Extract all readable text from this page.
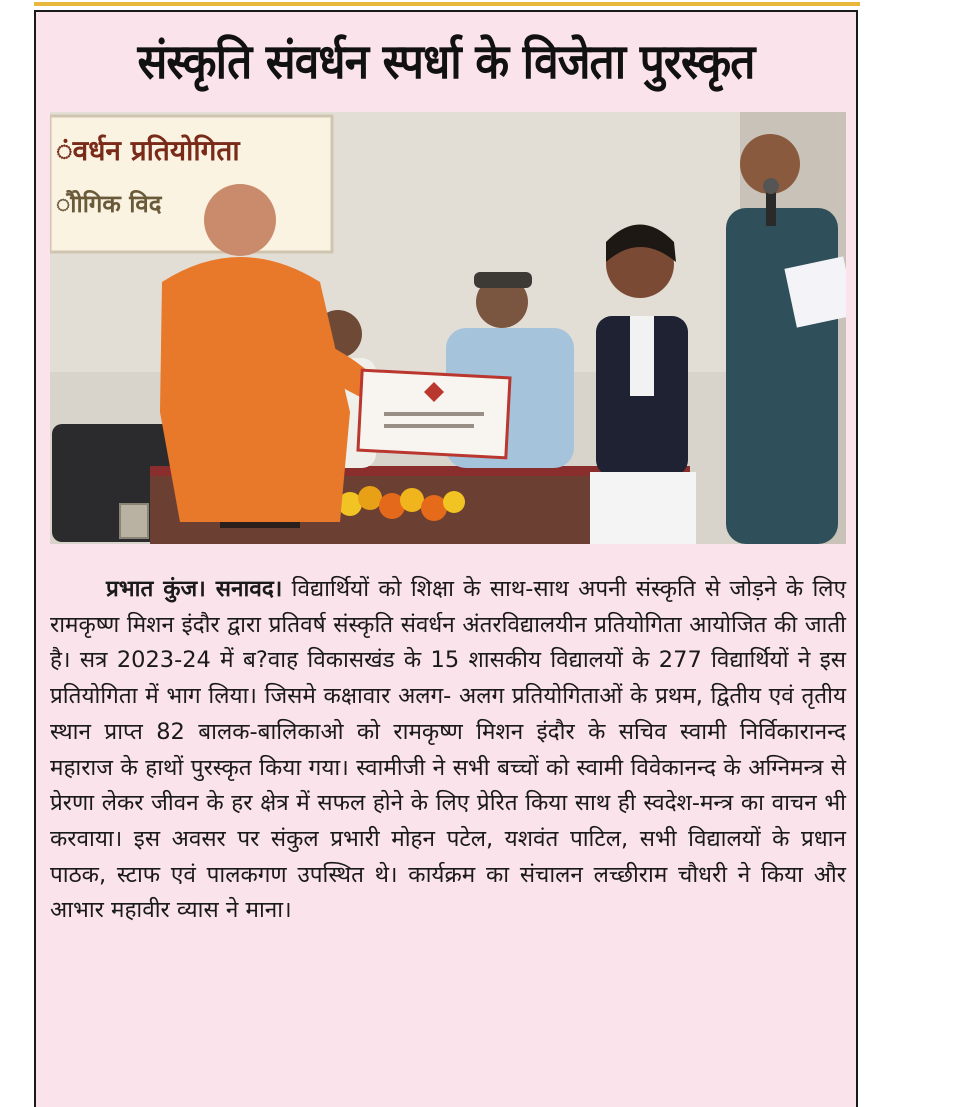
संस्कृति संवर्धन स्पर्धा के विजेता पुरस्कृत
ंवर्धन प्रतियोगिता
ौोगिक विद
प्रभात कुंज। सनावद। विद्यार्थियों को शिक्षा के साथ-साथ अपनी संस्कृति से जोड़ने के लिए रामकृष्ण मिशन इंदौर द्वारा प्रतिवर्ष संस्कृति संवर्धन अंतरविद्यालयीन प्रतियोगिता आयोजित की जाती है। सत्र 2023-24 में ब?वाह विकासखंड के 15 शासकीय विद्यालयों के 277 विद्यार्थियों ने इस प्रतियोगिता में भाग लिया। जिसमे कक्षावार अलग- अलग प्रतियोगिताओं के प्रथम, द्वितीय एवं तृतीय स्थान प्राप्त 82 बालक-बालिकाओ को रामकृष्ण मिशन इंदौर के सचिव स्वामी निर्विकारानन्द महाराज के हाथों पुरस्कृत किया गया। स्वामीजी ने सभी बच्चों को स्वामी विवेकानन्द के अग्निमन्त्र से प्रेरणा लेकर जीवन के हर क्षेत्र में सफल होने के लिए प्रेरित किया साथ ही स्वदेश-मन्त्र का वाचन भी करवाया। इस अवसर पर संकुल प्रभारी मोहन पटेल, यशवंत पाटिल, सभी विद्यालयों के प्रधान पाठक, स्टाफ एवं पालकगण उपस्थित थे। कार्यक्रम का संचालन लच्छीराम चौधरी ने किया और आभार महावीर व्यास ने माना।
